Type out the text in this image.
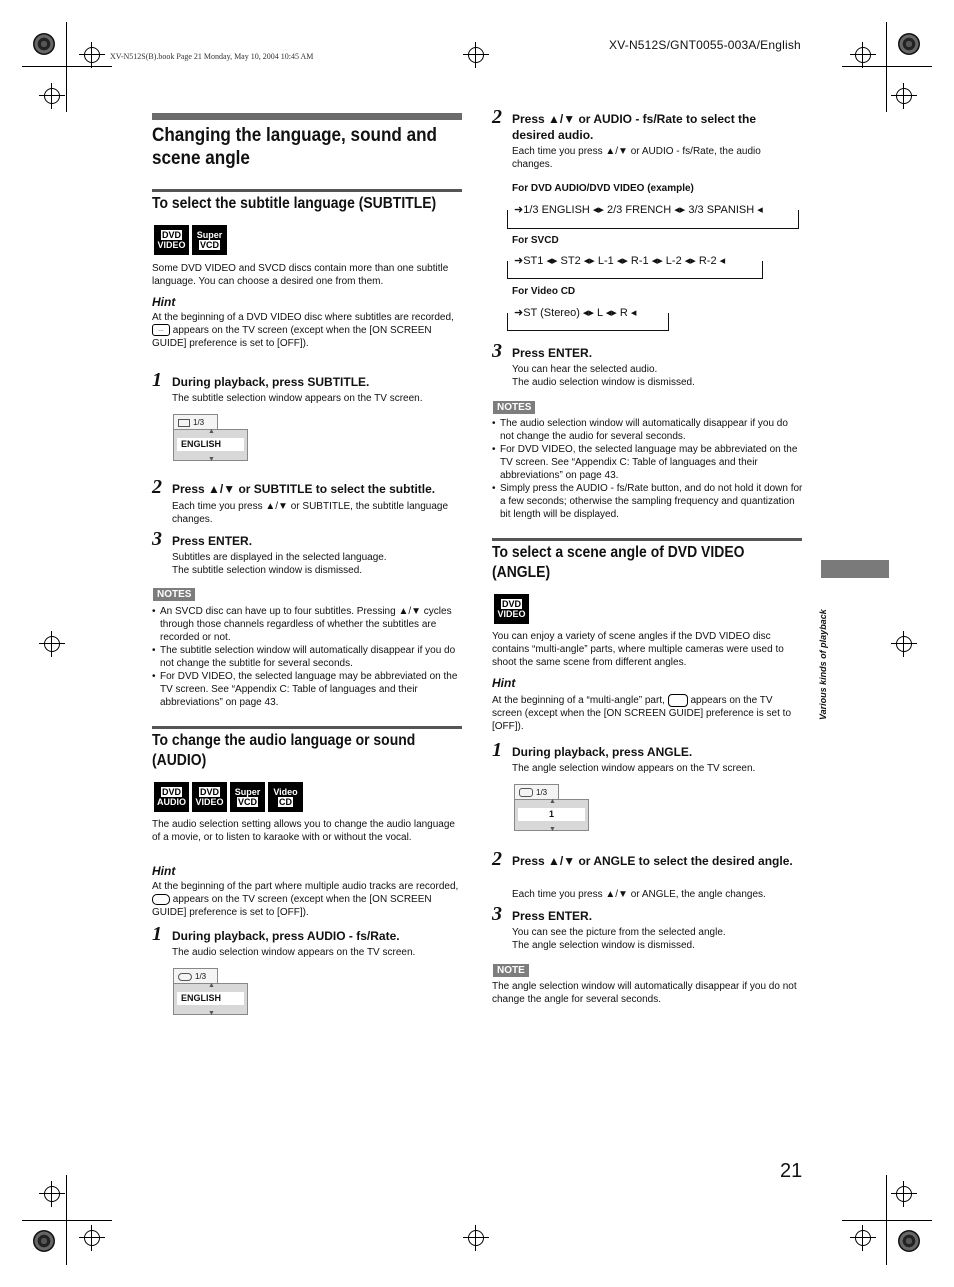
XV-N512S(B).book Page 21 Monday, May 10, 2004 10:45 AM
XV-N512S/GNT0055-003A/English
Various kinds of playback
21
Changing the language, sound and scene angle
To select the subtitle language (SUBTITLE)
DVD
VIDEO
Super
VCD
Some DVD VIDEO and SVCD discs contain more than one subtitle language. You can choose a desired one from them.
Hint
At the beginning of a DVD VIDEO disc where subtitles are recorded, … appears on the TV screen (except when the [ON SCREEN GUIDE] preference is set to [OFF]).
1 During playback, press SUBTITLE.
The subtitle selection window appears on the TV screen.
1/3
▲
ENGLISH
▼
2 Press ▲/▼ or SUBTITLE to select the subtitle.
Each time you press ▲/▼ or SUBTITLE, the subtitle language changes.
3 Press ENTER.
Subtitles are displayed in the selected language.
The subtitle selection window is dismissed.
NOTES
• An SVCD disc can have up to four subtitles. Pressing ▲/▼ cycles through those channels regardless of whether the subtitles are recorded or not.
• The subtitle selection window will automatically disappear if you do not change the subtitle for several seconds.
• For DVD VIDEO, the selected language may be abbreviated on the TV screen. See “Appendix C: Table of languages and their abbreviations” on page 43.
To change the audio language or sound (AUDIO)
DVD
AUDIO
DVD
VIDEO
Super
VCD
Video
CD
The audio selection setting allows you to change the audio language of a movie, or to listen to karaoke with or without the vocal.
Hint
At the beginning of the part where multiple audio tracks are recorded,  appears on the TV screen (except when the [ON SCREEN GUIDE] preference is set to [OFF]).
1 During playback, press AUDIO - fs/Rate.
The audio selection window appears on the TV screen.
1/3
▲
ENGLISH
▼
2 Press ▲/▼ or AUDIO - fs/Rate to select the desired audio.
Each time you press ▲/▼ or AUDIO - fs/Rate, the audio changes.
For DVD AUDIO/DVD VIDEO (example)
➜1/3 ENGLISH ◂▸ 2/3 FRENCH ◂▸ 3/3 SPANISH ◂
For SVCD
➜ST1 ◂▸ ST2 ◂▸ L-1 ◂▸ R-1 ◂▸ L-2 ◂▸ R-2 ◂
For Video CD
➜ST (Stereo) ◂▸ L ◂▸ R ◂
3 Press ENTER.
You can hear the selected audio.
The audio selection window is dismissed.
NOTES
• The audio selection window will automatically disappear if you do not change the audio for several seconds.
• For DVD VIDEO, the selected language may be abbreviated on the TV screen. See “Appendix C: Table of languages and their abbreviations” on page 43.
• Simply press the AUDIO - fs/Rate button, and do not hold it down for a few seconds; otherwise the sampling frequency and quantization bit length will be displayed.
To select a scene angle of DVD VIDEO (ANGLE)
DVD
VIDEO
You can enjoy a variety of scene angles if the DVD VIDEO disc contains “multi-angle” parts, where multiple cameras were used to shoot the same scene from different angles.
Hint
At the beginning of a “multi-angle” part,	appears on the TV screen (except when the [ON SCREEN GUIDE] preference is set to [OFF]).
1 During playback, press ANGLE.
The angle selection window appears on the TV screen.
1/3
▲
1
▼
2 Press ▲/▼ or ANGLE to select the desired angle.
Each time you press ▲/▼ or ANGLE, the angle changes.
3 Press ENTER.
You can see the picture from the selected angle.
The angle selection window is dismissed.
NOTE
The angle selection window will automatically disappear if you do not change the angle for several seconds.
